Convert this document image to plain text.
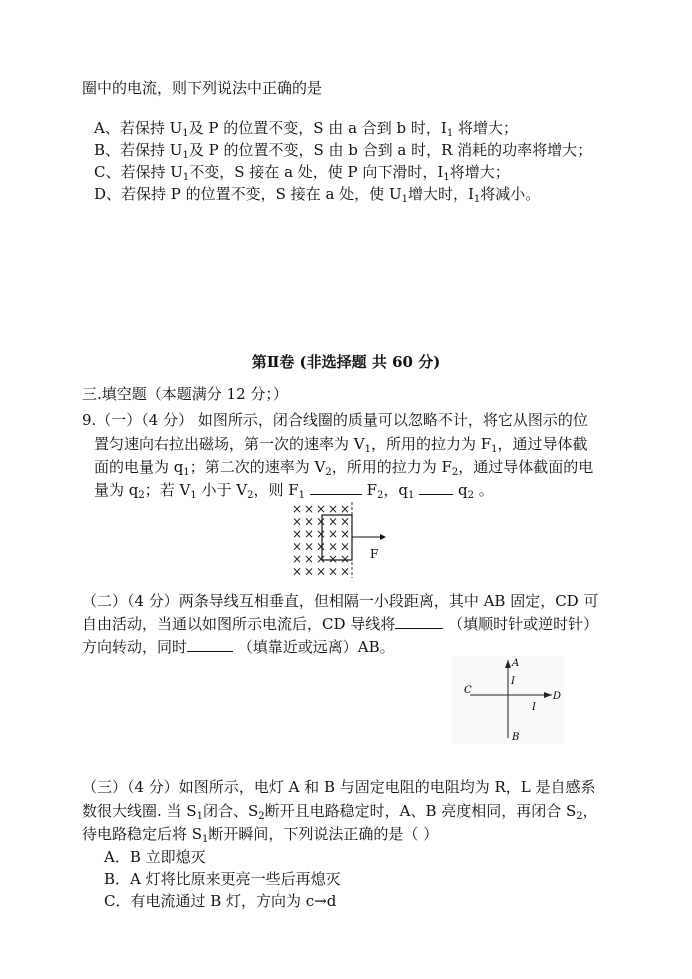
圈中的电流，则下列说法中正确的是
A、若保持 $U_1$及 P 的位置不变，S 由 a 合到 b 时，$I_1$ 将增大；
B、若保持 $U_1$及 P 的位置不变，S 由 b 合到 a 时，R 消耗的功率将增大；
C、若保持 $U_1$不变，S 接在 a 处，使 P 向下滑时，$I_1$将增大；
D、若保持 P 的位置不变，S 接在 a 处，使 $U_1$增大时，$I_1$将减小。
第Ⅱ卷 (非选择题 共 60 分)
三.填空题（本题满分 12 分；）
9.（一）（4 分） 如图所示，闭合线圈的质量可以忽略不计，将它从图示的位
置匀速向右拉出磁场，第一次的速率为 $V_1$，所用的拉力为 $F_1$，通过导体截
面的电量为 $q_1$；第二次的速率为 $V_2$，所用的拉力为 $F_2$，通过导体截面的电
量为 $q_2$；若 $V_1$ 小于 $V_2$，则 $F_1$	$F_2$，$q_1$	$q_2$ 。
× × × × ×
× × × × ×
× × × × ×
× × × × ×
× × × × ×
× × × × ×
F
（二）（4 分）两条导线互相垂直，但相隔一小段距离，其中 AB 固定，CD 可
自由活动，当通以如图所示电流后，CD 导线将	（填顺时针或逆时针）
方向转动，同时	（填靠近或远离）AB。
A
B
C
D
I
I
（三）（4 分）如图所示，电灯 A 和 B 与固定电阻的电阻均为 R，L 是自感系
数很大线圈. 当 $S_1$闭合、$S_2$断开且电路稳定时，A、B 亮度相同，再闭合 $S_2$，
待电路稳定后将 $S_1$断开瞬间，下列说法正确的是（ ）
A．B 立即熄灭
B．A 灯将比原来更亮一些后再熄灭
C．有电流通过 B 灯，方向为 c→d
